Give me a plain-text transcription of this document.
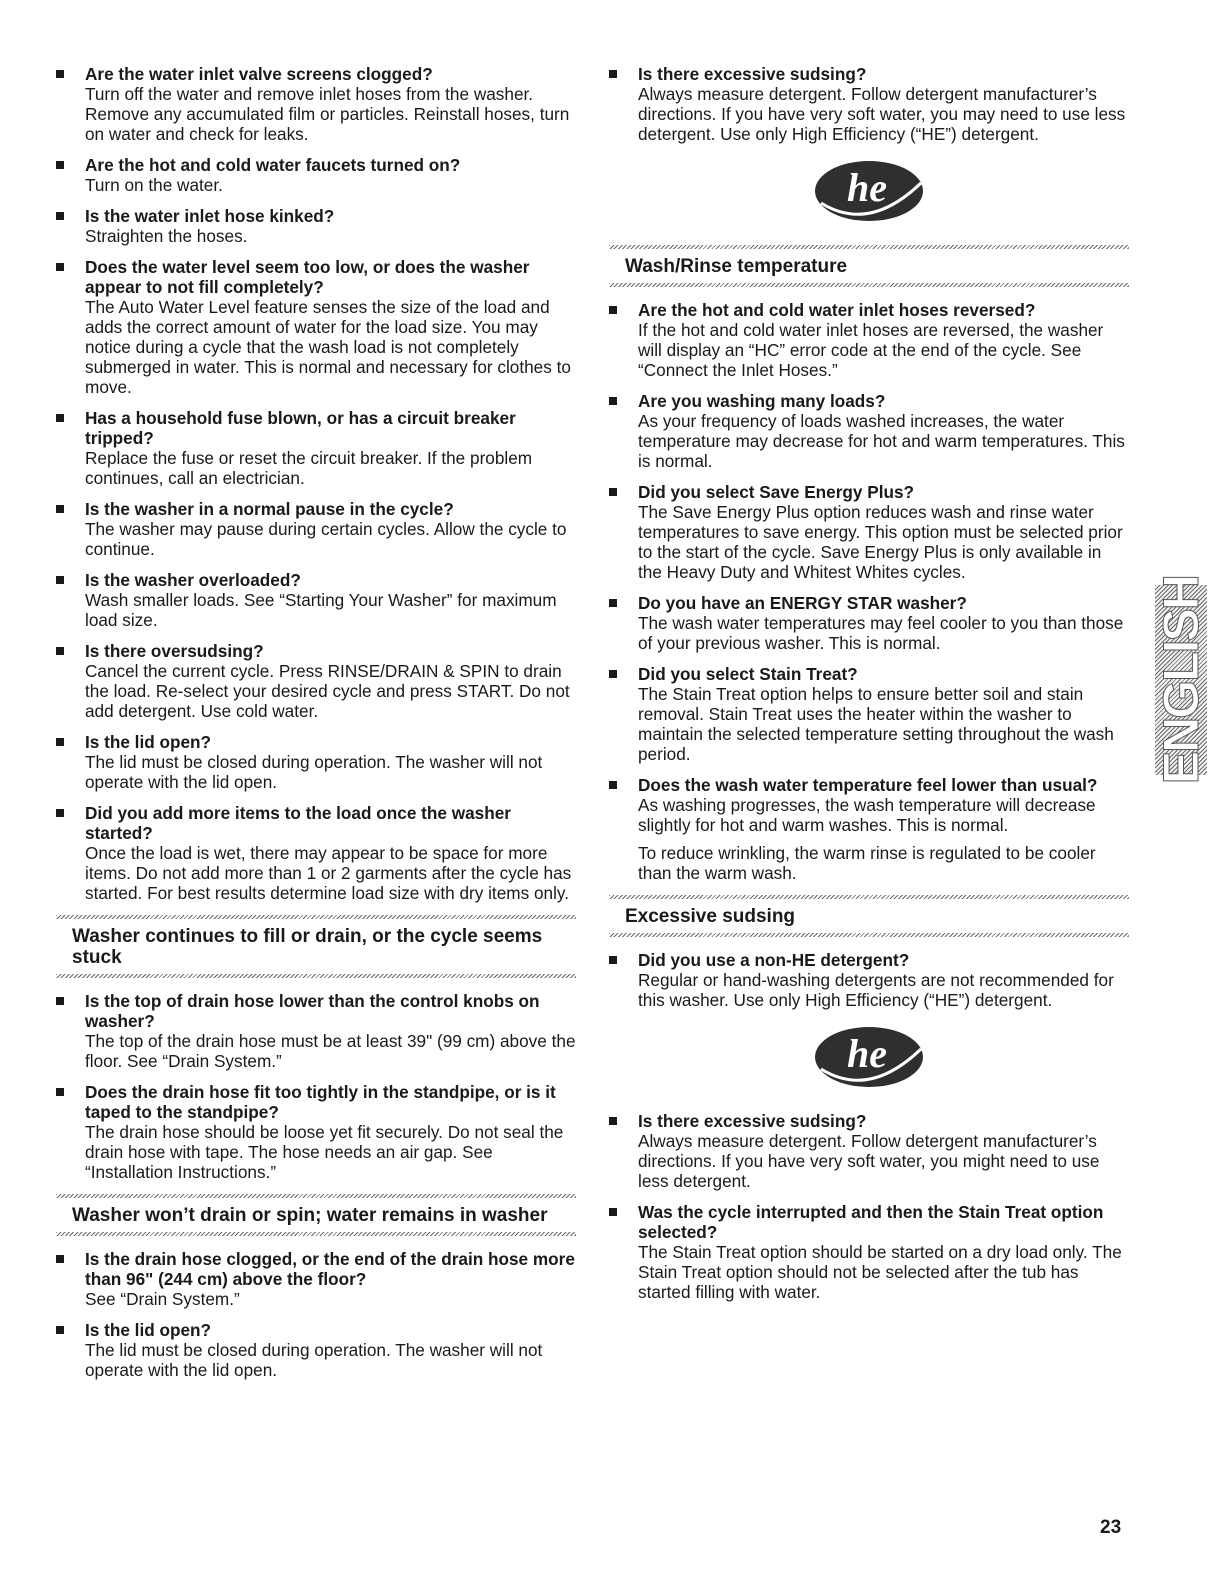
Are the water inlet valve screens clogged?
Turn off the water and remove inlet hoses from the washer. Remove any accumulated film or particles. Reinstall hoses, turn on water and check for leaks.
Are the hot and cold water faucets turned on?
Turn on the water.
Is the water inlet hose kinked?
Straighten the hoses.
Does the water level seem too low, or does the washer appear to not fill completely?
The Auto Water Level feature senses the size of the load and adds the correct amount of water for the load size. You may notice during a cycle that the wash load is not completely submerged in water. This is normal and necessary for clothes to move.
Has a household fuse blown, or has a circuit breaker tripped?
Replace the fuse or reset the circuit breaker. If the problem continues, call an electrician.
Is the washer in a normal pause in the cycle?
The washer may pause during certain cycles. Allow the cycle to continue.
Is the washer overloaded?
Wash smaller loads. See “Starting Your Washer” for maximum load size.
Is there oversudsing?
Cancel the current cycle. Press RINSE/DRAIN & SPIN to drain the load. Re-select your desired cycle and press START. Do not add detergent. Use cold water.
Is the lid open?
The lid must be closed during operation. The washer will not operate with the lid open.
Did you add more items to the load once the washer started?
Once the load is wet, there may appear to be space for more items. Do not add more than 1 or 2 garments after the cycle has started. For best results determine load size with dry items only.
Washer continues to fill or drain, or the cycle seems stuck
Is the top of drain hose lower than the control knobs on washer?
The top of the drain hose must be at least 39" (99 cm) above the floor. See “Drain System.”
Does the drain hose fit too tightly in the standpipe, or is it taped to the standpipe?
The drain hose should be loose yet fit securely. Do not seal the drain hose with tape. The hose needs an air gap. See “Installation Instructions.”
Washer won’t drain or spin; water remains in washer
Is the drain hose clogged, or the end of the drain hose more than 96" (244 cm) above the floor?
See “Drain System.”
Is the lid open?
The lid must be closed during operation. The washer will not operate with the lid open.
Is there excessive sudsing?
Always measure detergent. Follow detergent manufacturer’s directions. If you have very soft water, you may need to use less detergent. Use only High Efficiency (“HE”) detergent.
he
Wash/Rinse temperature
Are the hot and cold water inlet hoses reversed?
If the hot and cold water inlet hoses are reversed, the washer will display an “HC” error code at the end of the cycle. See “Connect the Inlet Hoses.”
Are you washing many loads?
As your frequency of loads washed increases, the water temperature may decrease for hot and warm temperatures. This is normal.
Did you select Save Energy Plus?
The Save Energy Plus option reduces wash and rinse water temperatures to save energy. This option must be selected prior to the start of the cycle. Save Energy Plus is only available in the Heavy Duty and Whitest Whites cycles.
Do you have an ENERGY STAR washer?
The wash water temperatures may feel cooler to you than those of your previous washer. This is normal.
Did you select Stain Treat?
The Stain Treat option helps to ensure better soil and stain removal. Stain Treat uses the heater within the washer to maintain the selected temperature setting throughout the wash period.
Does the wash water temperature feel lower than usual?
As washing progresses, the wash temperature will decrease slightly for hot and warm washes. This is normal.
To reduce wrinkling, the warm rinse is regulated to be cooler than the warm wash.
Excessive sudsing
Did you use a non-HE detergent?
Regular or hand-washing detergents are not recommended for this washer. Use only High Efficiency (“HE”) detergent.
he
Is there excessive sudsing?
Always measure detergent. Follow detergent manufacturer’s directions. If you have very soft water, you might need to use less detergent.
Was the cycle interrupted and then the Stain Treat option selected?
The Stain Treat option should be started on a dry load only. The Stain Treat option should not be selected after the tub has started filling with water.
ENGLISH
23
